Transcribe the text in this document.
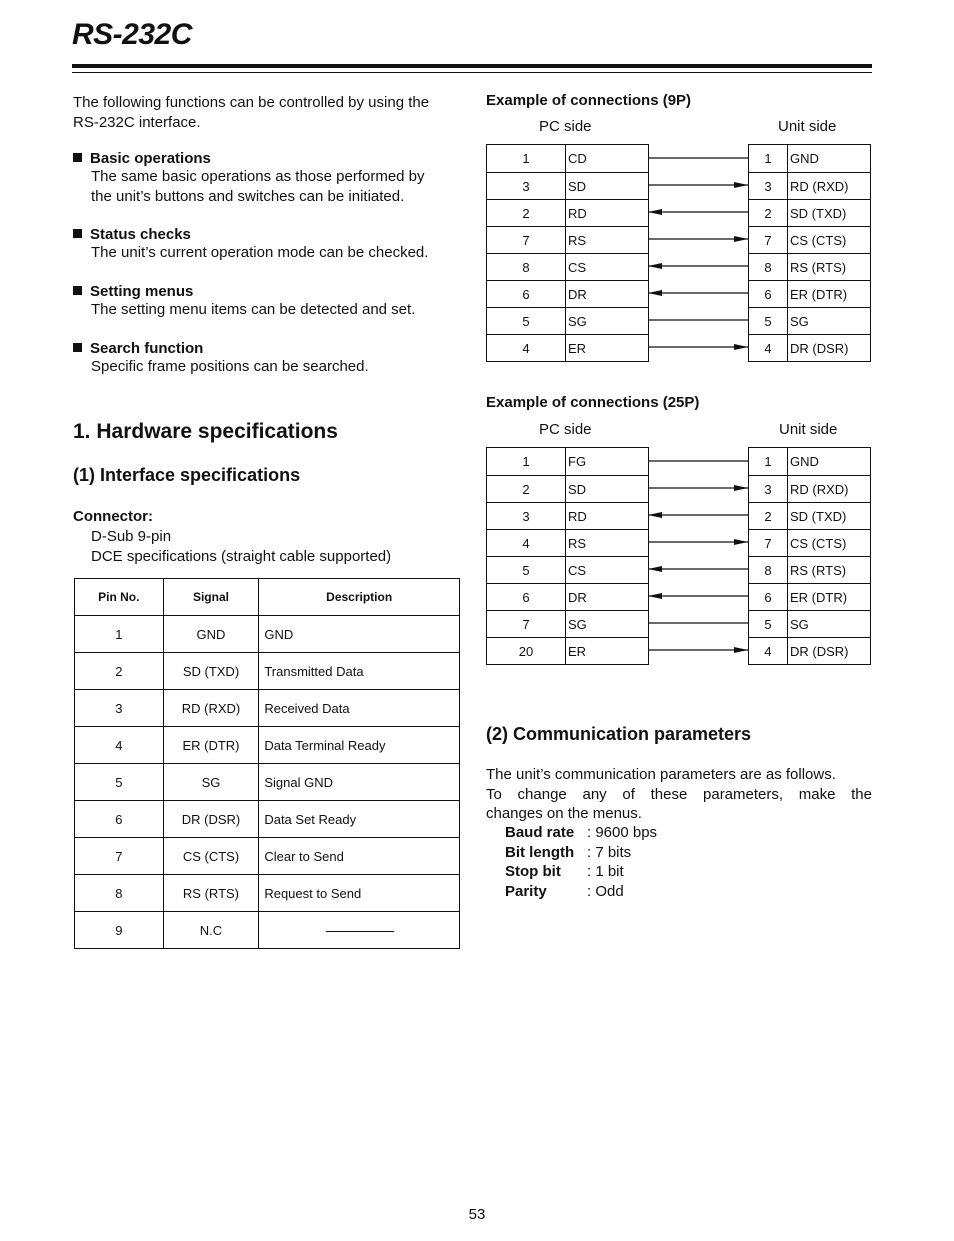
RS-232C
The following functions can be controlled by using the
RS-232C interface.
Basic operations
The same basic operations as those performed by
the unit’s buttons and switches can be initiated.
Status checks
The unit’s current operation mode can be checked.
Setting menus
The setting menu items can be detected and set.
Search function
Specific frame positions can be searched.
1. Hardware specifications
(1) Interface specifications
Connector:
D-Sub 9-pin
DCE specifications (straight cable supported)
Pin No.	Signal	Description
1	GND	GND
2	SD (TXD)	Transmitted Data
3	RD (RXD)	Received Data
4	ER (DTR)	Data Terminal Ready
5	SG	Signal GND
6	DR (DSR)	Data Set Ready
7	CS (CTS)	Clear to Send
8	RS (RTS)	Request to Send
9	N.C	
Example of connections (9P)
PC side	Unit side
1	CD
3	SD
2	RD
7	RS
8	CS
6	DR
5	SG
4	ER
1	GND
3	RD (RXD)
2	SD (TXD)
7	CS (CTS)
8	RS (RTS)
6	ER (DTR)
5	SG
4	DR (DSR)
Example of connections (25P)
PC side	Unit side
1	FG
2	SD
3	RD
4	RS
5	CS
6	DR
7	SG
20	ER
1	GND
3	RD (RXD)
2	SD (TXD)
7	CS (CTS)
8	RS (RTS)
6	ER (DTR)
5	SG
4	DR (DSR)
(2) Communication parameters
The unit’s communication parameters are as follows.
To change any of these parameters, make the
changes on the menus.
Baud rate : 9600 bps
Bit length : 7 bits
Stop bit : 1 bit
Parity	: Odd
53
